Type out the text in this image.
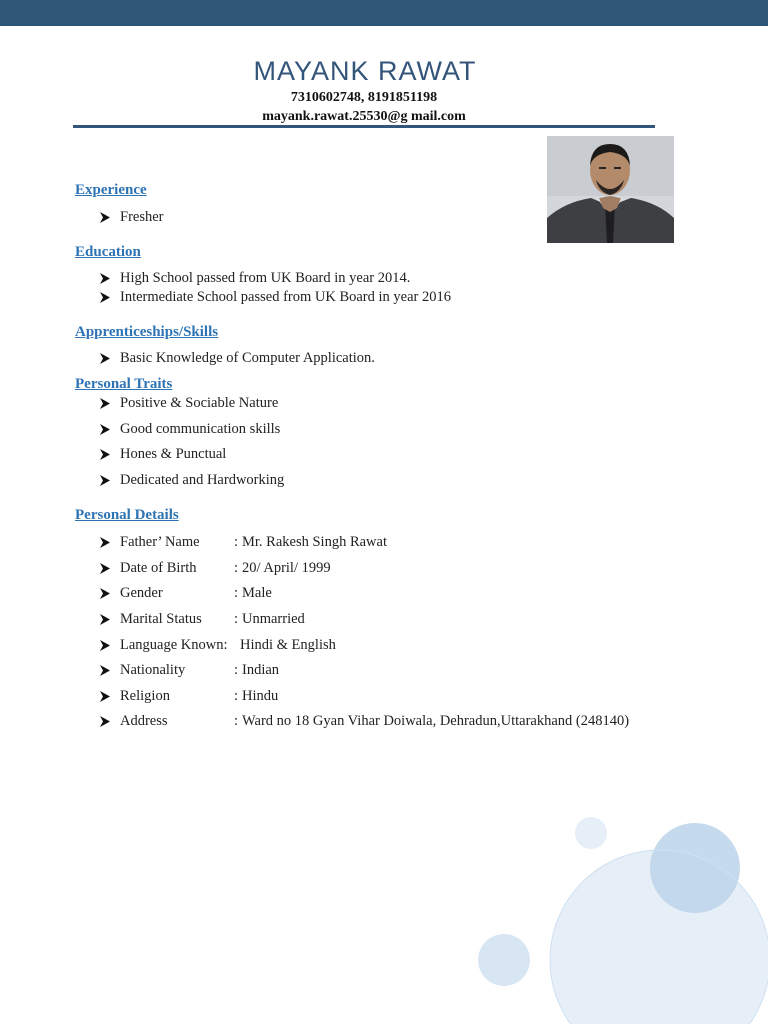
MAYANK RAWAT
7310602748, 8191851198
mayank.rawat.25530@g mail.com
Experience
Fresher
Education
High School passed from UK Board in year 2014.
Intermediate School passed from UK Board in year 2016
Apprenticeships/Skills
Basic Knowledge of Computer Application.
Personal Traits
Positive & Sociable Nature
Good communication skills
Hones & Punctual
Dedicated and Hardworking
Personal Details
Father’ Name	: Mr. Rakesh Singh Rawat
Date of Birth	: 20/ April/ 1999
Gender	: Male
Marital Status	: Unmarried
Language Known: Hindi & English
Nationality	: Indian
Religion	: Hindu
Address	: Ward no 18 Gyan Vihar Doiwala, Dehradun,Uttarakhand (248140)
